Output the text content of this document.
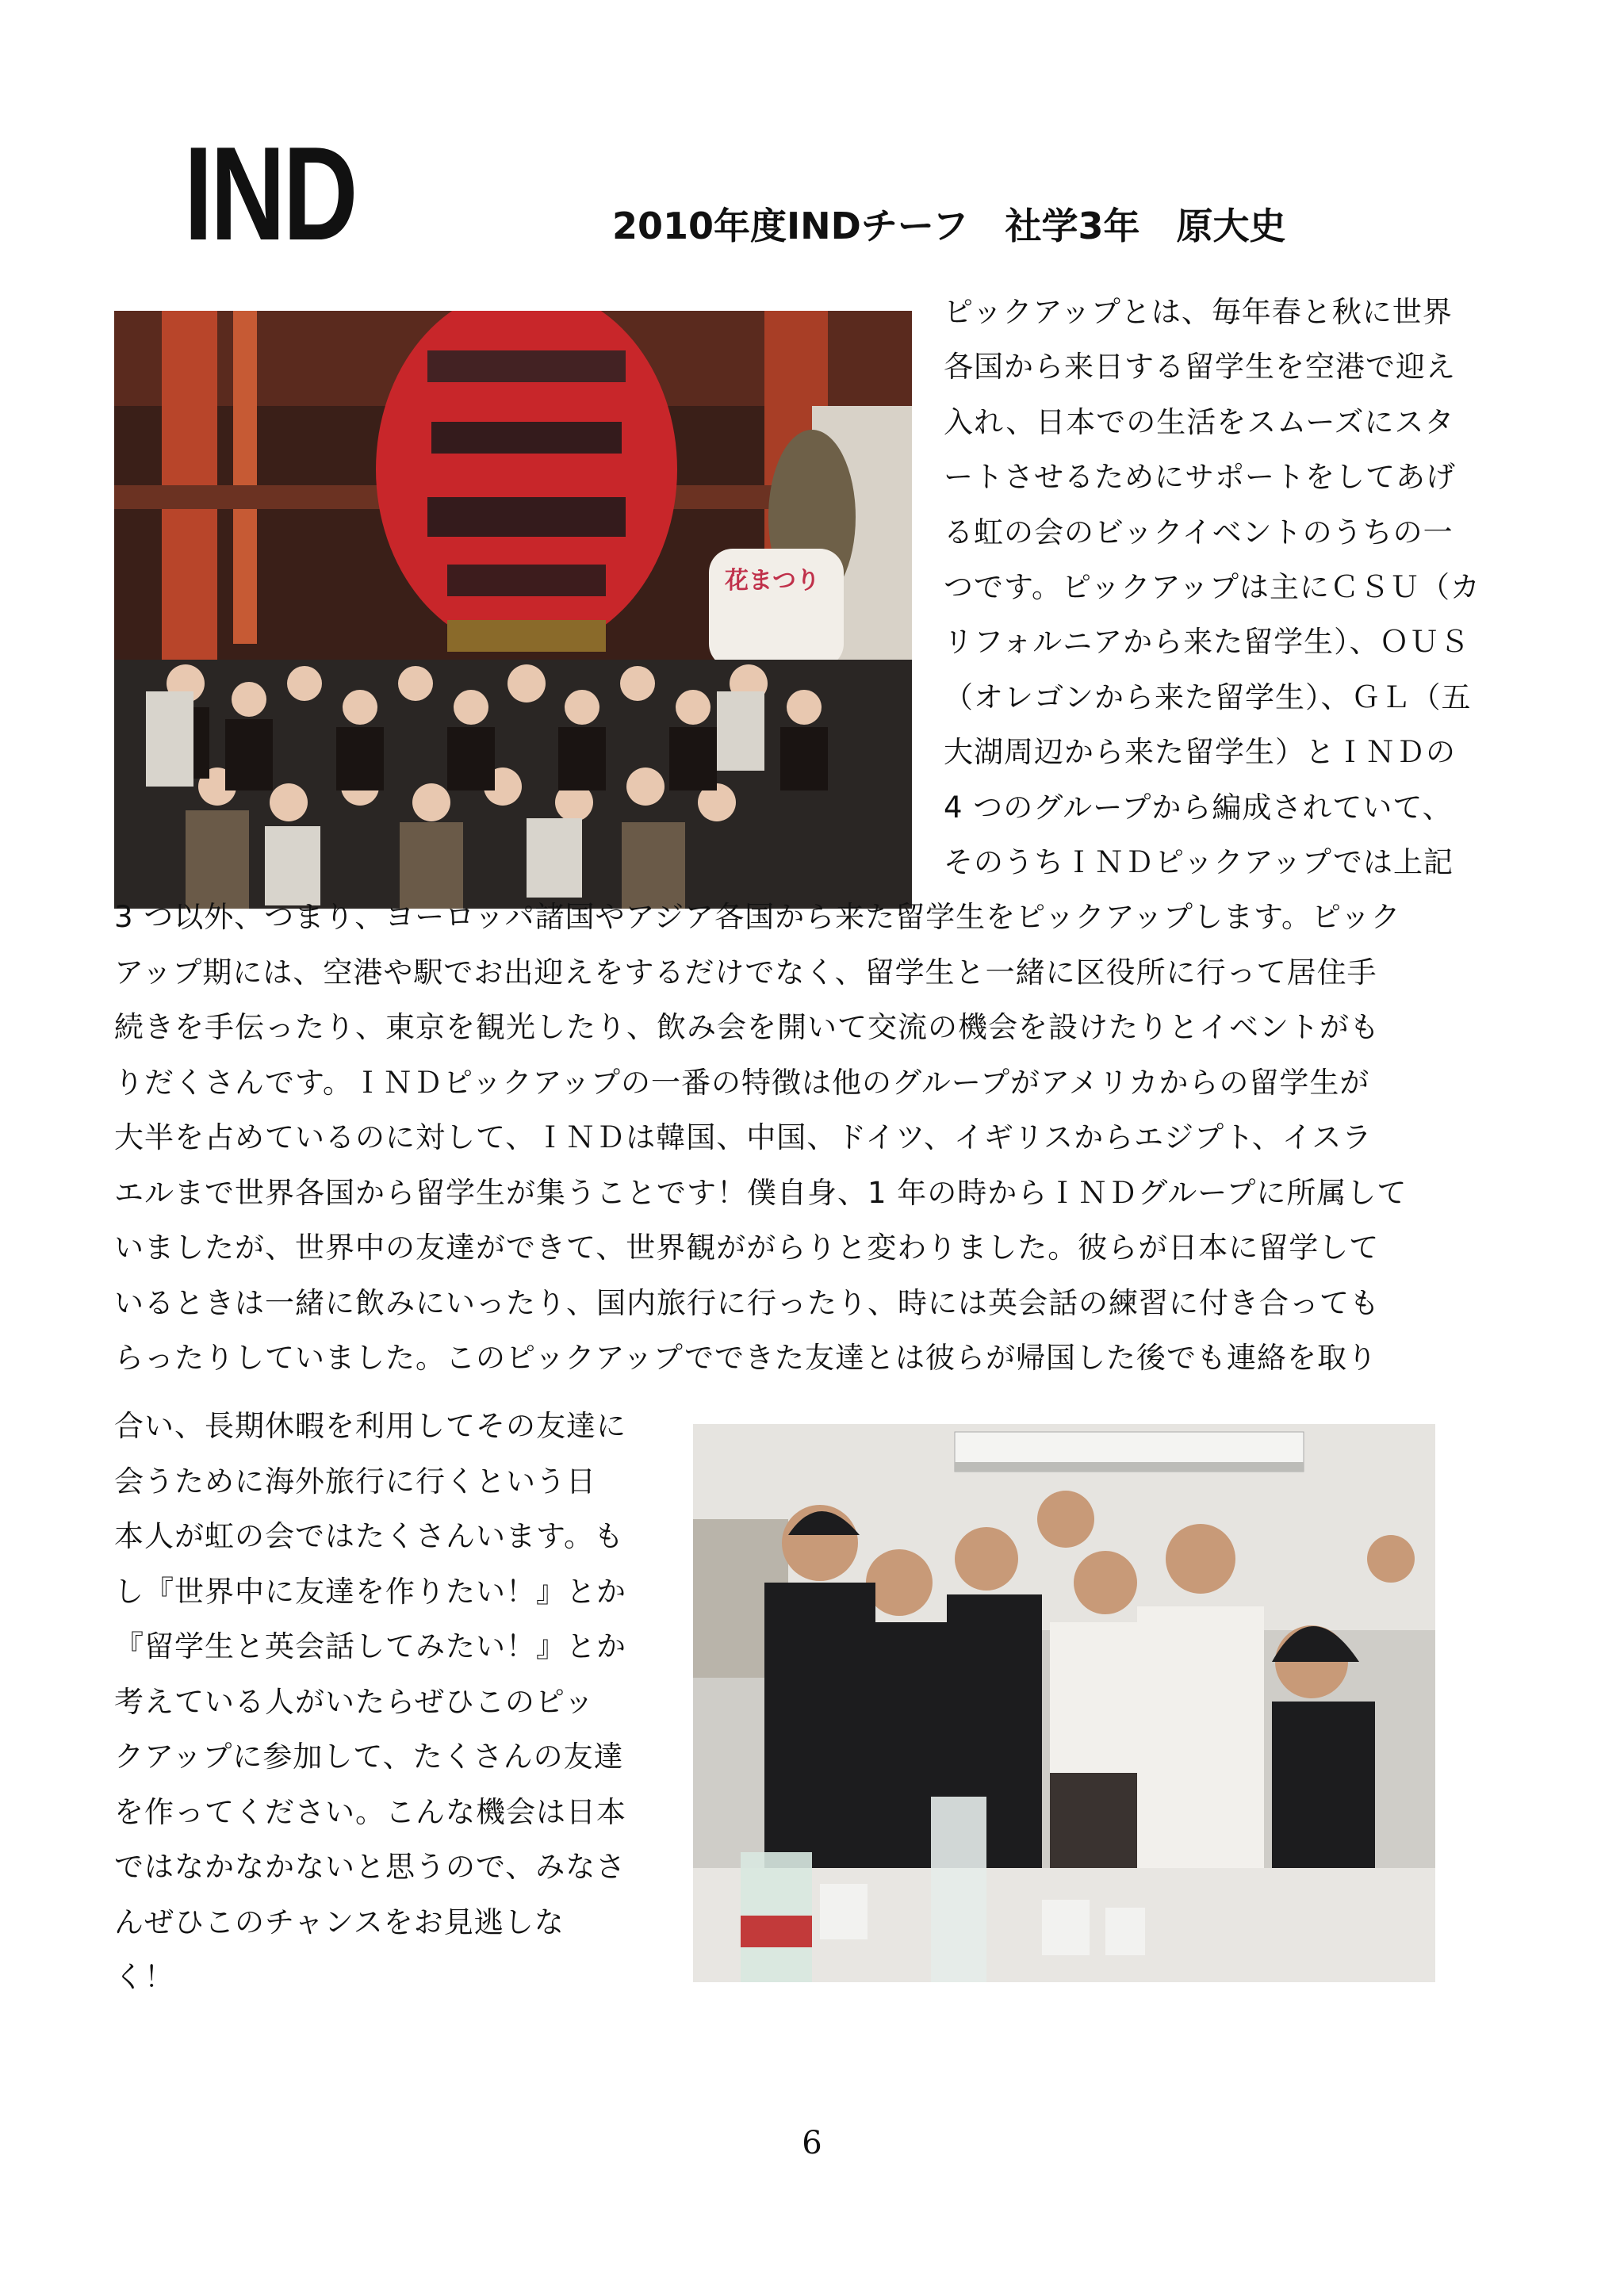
IND	2010年度INDチーフ　社学3年　原大史
花まつり
ピックアップとは、毎年春と秋に世界
各国から来日する留学生を空港で迎え
入れ、日本での生活をスムーズにスタ
ートさせるためにサポートをしてあげ
る虹の会のビックイベントのうちの一
つです。ピックアップは主にＣＳＵ（カ
リフォルニアから来た留学生）、ＯＵＳ
（オレゴンから来た留学生）、ＧＬ（五
大湖周辺から来た留学生）とＩＮＤの
4 つのグループから編成されていて、
そのうちＩＮＤピックアップでは上記
3 つ以外、つまり、ヨーロッパ諸国やアジア各国から来た留学生をピックアップします。ピック
アップ期には、空港や駅でお出迎えをするだけでなく、留学生と一緒に区役所に行って居住手
続きを手伝ったり、東京を観光したり、飲み会を開いて交流の機会を設けたりとイベントがも
りだくさんです。ＩＮＤピックアップの一番の特徴は他のグループがアメリカからの留学生が
大半を占めているのに対して、ＩＮＤは韓国、中国、ドイツ、イギリスからエジプト、イスラ
エルまで世界各国から留学生が集うことです！僕自身、1 年の時からＩＮＤグループに所属して
いましたが、世界中の友達ができて、世界観ががらりと変わりました。彼らが日本に留学して
いるときは一緒に飲みにいったり、国内旅行に行ったり、時には英会話の練習に付き合っても
らったりしていました。このピックアップでできた友達とは彼らが帰国した後でも連絡を取り
合い、長期休暇を利用してその友達に
会うために海外旅行に行くという日
本人が虹の会ではたくさんいます。も
し『世界中に友達を作りたい！』とか
『留学生と英会話してみたい！』とか
考えている人がいたらぜひこのピッ
クアップに参加して、たくさんの友達
を作ってください。こんな機会は日本
ではなかなかないと思うので、みなさ
んぜひこのチャンスをお見逃しな
く！
6
